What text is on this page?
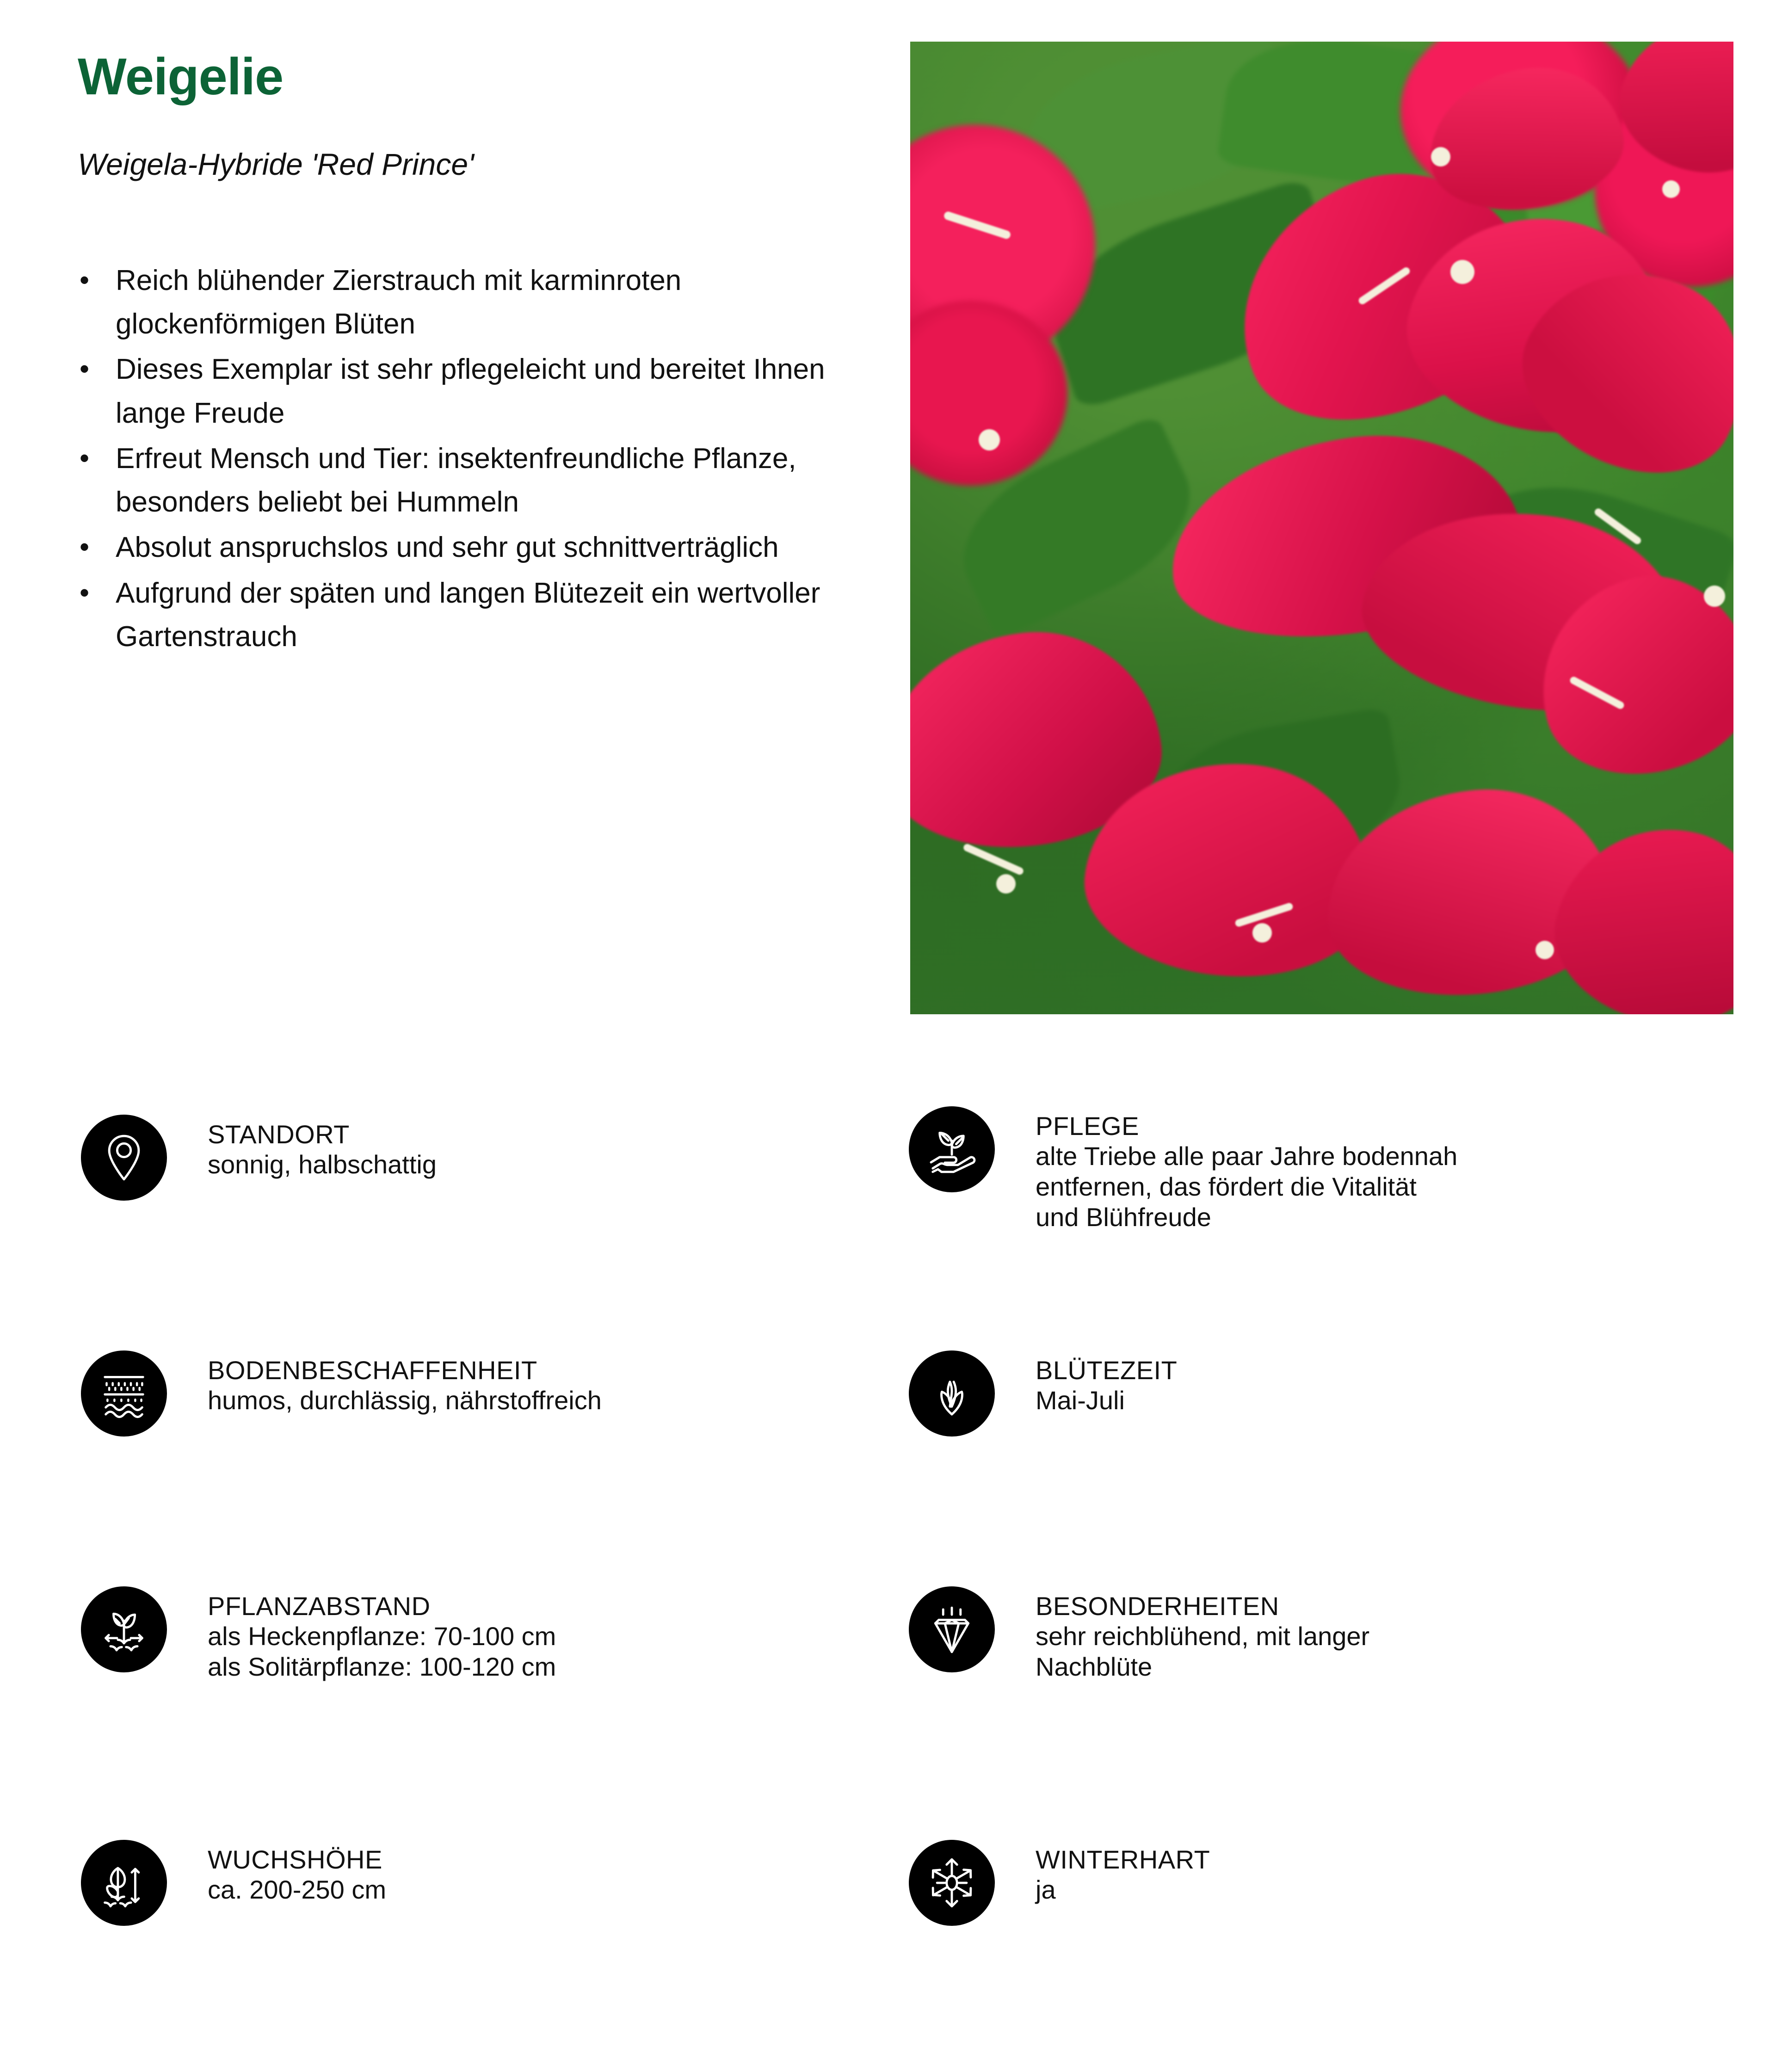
Weigelie
Weigela-Hybride 'Red Prince'
• Reich blühender Zierstrauch mit karminroten glockenförmigen Blüten
• Dieses Exemplar ist sehr pflegeleicht und bereitet Ihnen lange Freude
• Erfreut Mensch und Tier: insektenfreundliche Pflanze, besonders beliebt bei Hummeln
• Absolut anspruchslos und sehr gut schnittverträglich
• Aufgrund der späten und langen Blütezeit ein wertvoller Gartenstrauch
STANDORT
sonnig, halbschattig
PFLEGE
alte Triebe alle paar Jahre bodennah
entfernen, das fördert die Vitalität
und Blühfreude
BODENBESCHAFFENHEIT
humos, durchlässig, nährstoffreich
BLÜTEZEIT
Mai-Juli
PFLANZABSTAND
als Heckenpflanze: 70-100 cm
als Solitärpflanze: 100-120 cm
BESONDERHEITEN
sehr reichblühend, mit langer
Nachblüte
WUCHSHÖHE
ca. 200-250 cm
WINTERHART
ja
